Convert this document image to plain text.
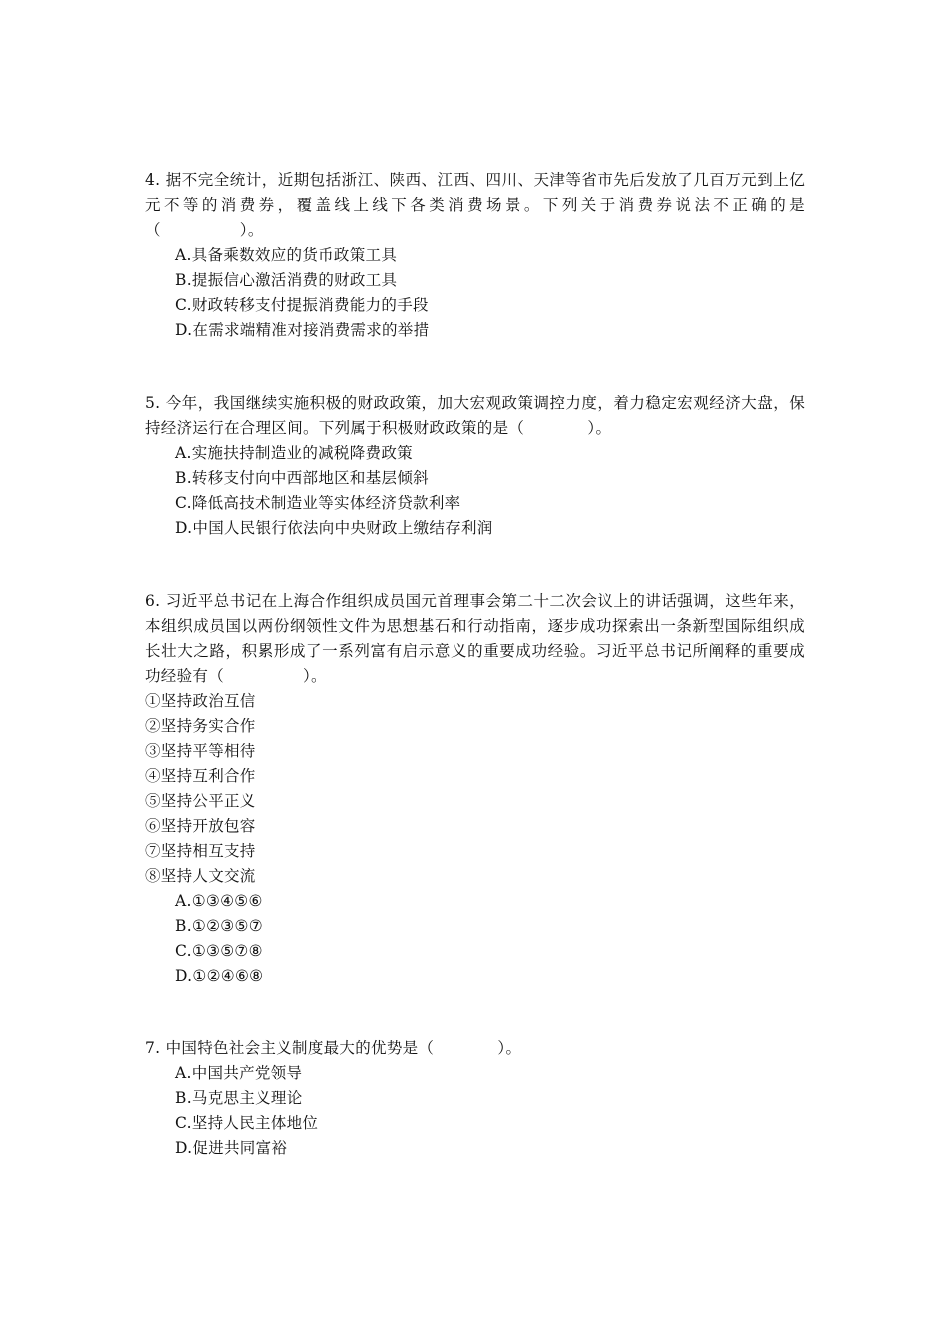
4. 据不完全统计，近期包括浙江、陕西、江西、四川、天津等省市先后发放了几百万元到上亿元不等的消费券，覆盖线上线下各类消费场景。下列关于消费券说法不正确的是（　　　　　）。

A.具备乘数效应的货币政策工具
B.提振信心激活消费的财政工具
C.财政转移支付提振消费能力的手段
D.在需求端精准对接消费需求的举措

5. 今年，我国继续实施积极的财政政策，加大宏观政策调控力度，着力稳定宏观经济大盘，保持经济运行在合理区间。下列属于积极财政政策的是（　　　　）。

A.实施扶持制造业的减税降费政策
B.转移支付向中西部地区和基层倾斜
C.降低高技术制造业等实体经济贷款利率
D.中国人民银行依法向中央财政上缴结存利润

6. 习近平总书记在上海合作组织成员国元首理事会第二十二次会议上的讲话强调，这些年来，本组织成员国以两份纲领性文件为思想基石和行动指南，逐步成功探索出一条新型国际组织成长壮大之路，积累形成了一系列富有启示意义的重要成功经验。习近平总书记所阐释的重要成功经验有（　　　　　）。

①坚持政治互信
②坚持务实合作
③坚持平等相待
④坚持互利合作
⑤坚持公平正义
⑥坚持开放包容
⑦坚持相互支持
⑧坚持人文交流
A.①③④⑤⑥
B.①②③⑤⑦
C.①③⑤⑦⑧
D.①②④⑥⑧

7. 中国特色社会主义制度最大的优势是（　　　　）。

A.中国共产党领导
B.马克思主义理论
C.坚持人民主体地位
D.促进共同富裕
